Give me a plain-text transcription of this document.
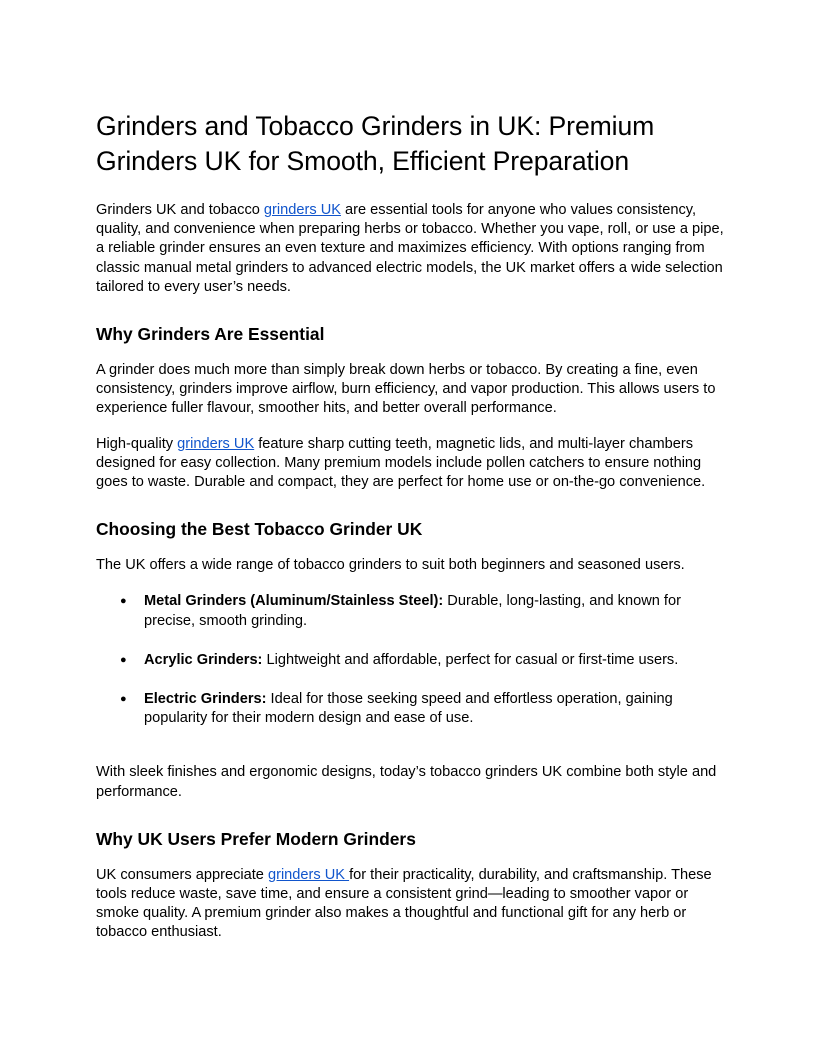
Grinders and Tobacco Grinders in UK: Premium Grinders UK for Smooth, Efficient Preparation

Grinders UK and tobacco grinders UK are essential tools for anyone who values consistency, quality, and convenience when preparing herbs or tobacco. Whether you vape, roll, or use a pipe, a reliable grinder ensures an even texture and maximizes efficiency. With options ranging from classic manual metal grinders to advanced electric models, the UK market offers a wide selection tailored to every user’s needs.

Why Grinders Are Essential

A grinder does much more than simply break down herbs or tobacco. By creating a fine, even consistency, grinders improve airflow, burn efficiency, and vapor production. This allows users to experience fuller flavour, smoother hits, and better overall performance.

High-quality grinders UK feature sharp cutting teeth, magnetic lids, and multi-layer chambers designed for easy collection. Many premium models include pollen catchers to ensure nothing goes to waste. Durable and compact, they are perfect for home use or on-the-go convenience.

Choosing the Best Tobacco Grinder UK

The UK offers a wide range of tobacco grinders to suit both beginners and seasoned users.

● Metal Grinders (Aluminum/Stainless Steel): Durable, long-lasting, and known for precise, smooth grinding.
● Acrylic Grinders: Lightweight and affordable, perfect for casual or first-time users.
● Electric Grinders: Ideal for those seeking speed and effortless operation, gaining popularity for their modern design and ease of use.

With sleek finishes and ergonomic designs, today’s tobacco grinders UK combine both style and performance.

Why UK Users Prefer Modern Grinders

UK consumers appreciate grinders UK for their practicality, durability, and craftsmanship. These tools reduce waste, save time, and ensure a consistent grind—leading to smoother vapor or smoke quality. A premium grinder also makes a thoughtful and functional gift for any herb or tobacco enthusiast.
